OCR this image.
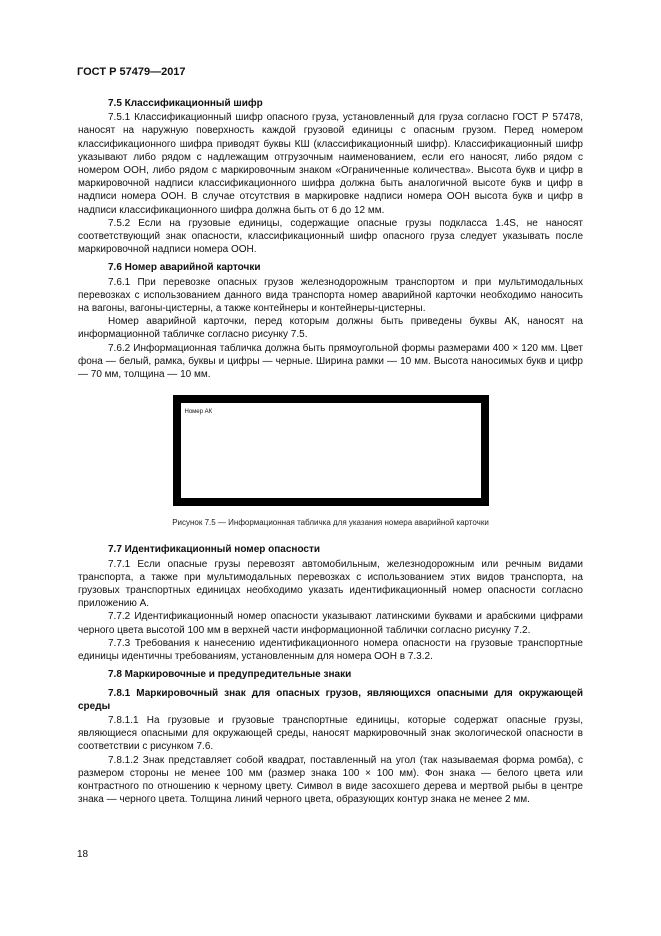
ГОСТ Р 57479—2017
7.5 Классификационный шифр

7.5.1 Классификационный шифр опасного груза, установленный для груза согласно ГОСТ Р 57478, наносят на наружную поверхность каждой грузовой единицы с опасным грузом. Перед номером классификационного шифра приводят буквы КШ (классификационный шифр). Классификационный шифр указывают либо рядом с надлежащим отгрузочным наименованием, если его наносят, либо рядом с номером ООН, либо рядом с маркировочным знаком «Ограниченные количества». Высота букв и цифр в маркировочной надписи классификационного шифра должна быть аналогичной высоте букв и цифр в надписи номера ООН. В случае отсутствия в маркировке надписи номера ООН высота букв и цифр в надписи классификационного шифра должна быть от 6 до 12 мм.

7.5.2 Если на грузовые единицы, содержащие опасные грузы подкласса 1.4S, не наносят соответствующий знак опасности, классификационный шифр опасного груза следует указывать после маркировочной надписи номера ООН.

7.6 Номер аварийной карточки

7.6.1 При перевозке опасных грузов железнодорожным транспортом и при мультимодальных перевозках с использованием данного вида транспорта номер аварийной карточки необходимо наносить на вагоны, вагоны-цистерны, а также контейнеры и контейнеры-цистерны.

Номер аварийной карточки, перед которым должны быть приведены буквы АК, наносят на информационной табличке согласно рисунку 7.5.

7.6.2 Информационная табличка должна быть прямоугольной формы размерами 400 × 120 мм. Цвет фона — белый, рамка, буквы и цифры — черные. Ширина рамки — 10 мм. Высота наносимых букв и цифр — 70 мм, толщина — 10 мм.

Номер АК
Рисунок 7.5 — Информационная табличка для указания номера аварийной карточки
7.7 Идентификационный номер опасности

7.7.1 Если опасные грузы перевозят автомобильным, железнодорожным или речным видами транспорта, а также при мультимодальных перевозках с использованием этих видов транспорта, на грузовых транспортных единицах необходимо указать идентификационный номер опасности согласно приложению А.

7.7.2 Идентификационный номер опасности указывают латинскими буквами и арабскими цифрами черного цвета высотой 100 мм в верхней части информационной таблички согласно рисунку 7.2.

7.7.3 Требования к нанесению идентификационного номера опасности на грузовые транспортные единицы идентичны требованиям, установленным для номера ООН в 7.3.2.

7.8 Маркировочные и предупредительные знаки
7.8.1 Маркировочный знак для опасных грузов, являющихся опасными для окружающей среды

7.8.1.1 На грузовые и грузовые транспортные единицы, которые содержат опасные грузы, являющиеся опасными для окружающей среды, наносят маркировочный знак экологической опасности в соответствии с рисунком 7.6.

7.8.1.2 Знак представляет собой квадрат, поставленный на угол (так называемая форма ромба), с размером стороны не менее 100 мм (размер знака 100 × 100 мм). Фон знака — белого цвета или контрастного по отношению к черному цвету. Символ в виде засохшего дерева и мертвой рыбы в центре знака — черного цвета. Толщина линий черного цвета, образующих контур знака не менее 2 мм.

18
